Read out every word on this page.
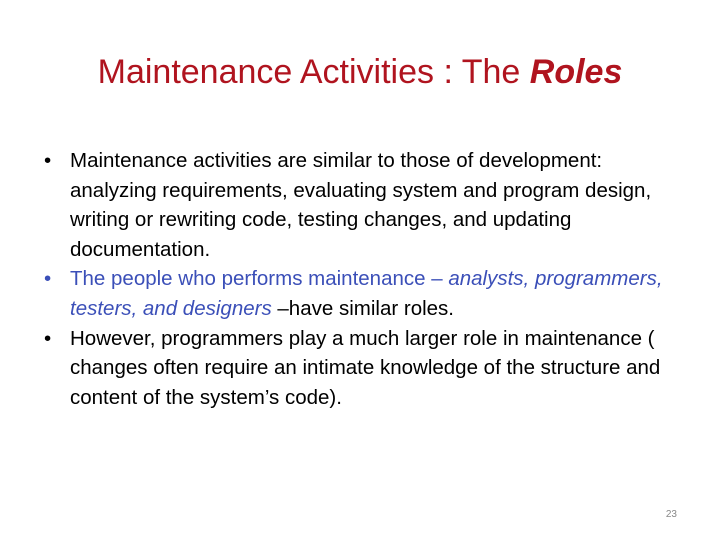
Maintenance Activities : The Roles
• Maintenance activities are similar to those of development: analyzing requirements, evaluating system and program design, writing or rewriting code, testing changes, and updating documentation.
• The people who performs maintenance – analysts, programmers, testers, and designers –have similar roles.
• However, programmers play a much larger role in maintenance ( changes often require an intimate knowledge of the structure and content of the system’s code).
23
